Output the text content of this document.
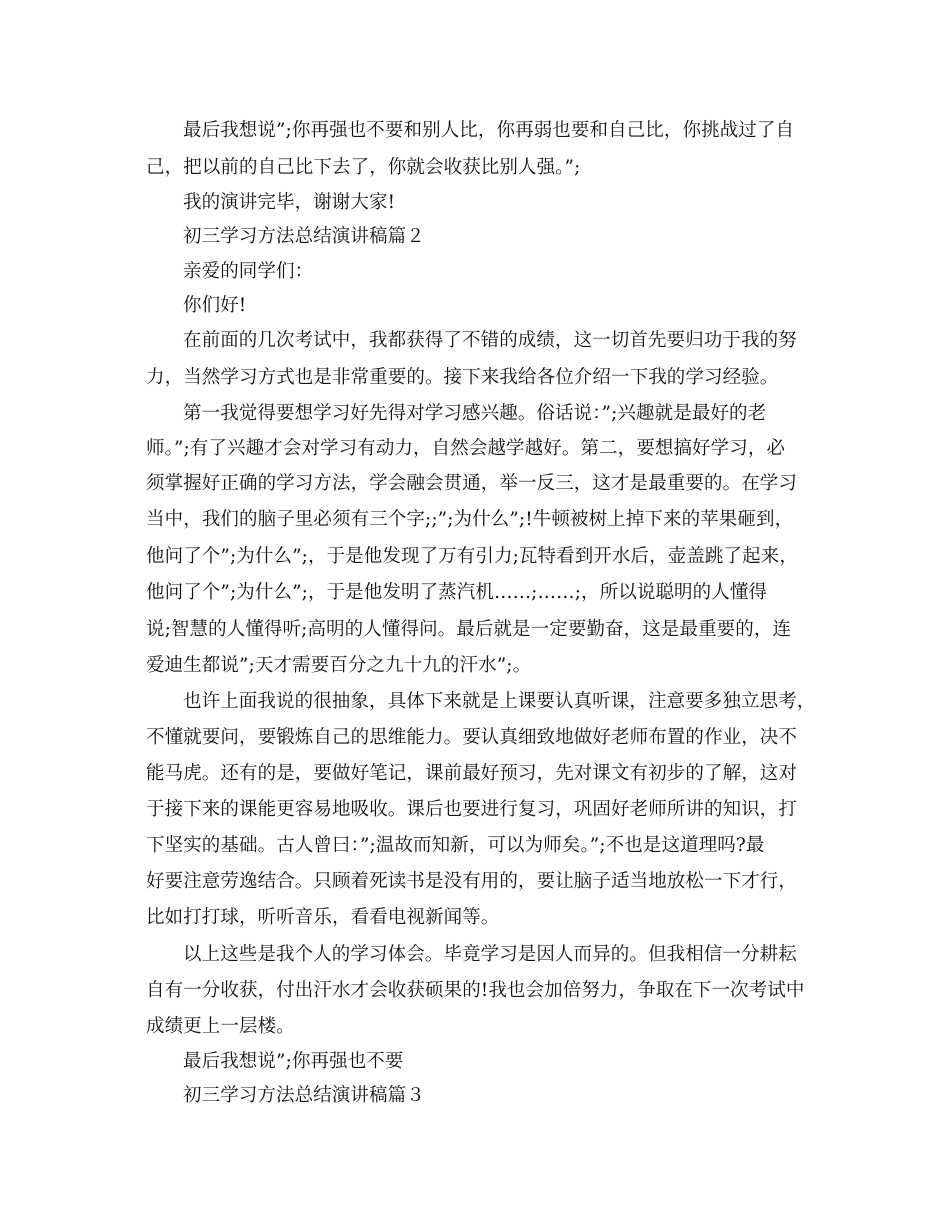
最后我想说”;你再强也不要和别人比，你再弱也要和自己比，你挑战过了自
己，把以前的自己比下去了，你就会收获比别人强。”;
我的演讲完毕，谢谢大家!
初三学习方法总结演讲稿篇２
亲爱的同学们：
你们好!
在前面的几次考试中，我都获得了不错的成绩，这一切首先要归功于我的努
力，当然学习方式也是非常重要的。接下来我给各位介绍一下我的学习经验。
第一我觉得要想学习好先得对学习感兴趣。俗话说：”;兴趣就是最好的老
师。”;有了兴趣才会对学习有动力，自然会越学越好。第二，要想搞好学习，必
须掌握好正确的学习方法，学会融会贯通，举一反三，这才是最重要的。在学习
当中，我们的脑子里必须有三个字;;”;为什么”;!牛顿被树上掉下来的苹果砸到，
他问了个”;为什么”;，于是他发现了万有引力;瓦特看到开水后，壶盖跳了起来，
他问了个”;为什么”;，于是他发明了蒸汽机……;……;，所以说聪明的人懂得
说;智慧的人懂得听;高明的人懂得问。最后就是一定要勤奋，这是最重要的，连
爱迪生都说”;天才需要百分之九十九的汗水”;。
也许上面我说的很抽象，具体下来就是上课要认真听课，注意要多独立思考，
不懂就要问，要锻炼自己的思维能力。要认真细致地做好老师布置的作业，决不
能马虎。还有的是，要做好笔记，课前最好预习，先对课文有初步的了解，这对
于接下来的课能更容易地吸收。课后也要进行复习，巩固好老师所讲的知识，打
下坚实的基础。古人曾曰：”;温故而知新，可以为师矣。”;不也是这道理吗?最
好要注意劳逸结合。只顾着死读书是没有用的，要让脑子适当地放松一下才行，
比如打打球，听听音乐，看看电视新闻等。
以上这些是我个人的学习体会。毕竟学习是因人而异的。但我相信一分耕耘
自有一分收获，付出汗水才会收获硕果的!我也会加倍努力，争取在下一次考试中
成绩更上一层楼。
最后我想说”;你再强也不要
初三学习方法总结演讲稿篇３
